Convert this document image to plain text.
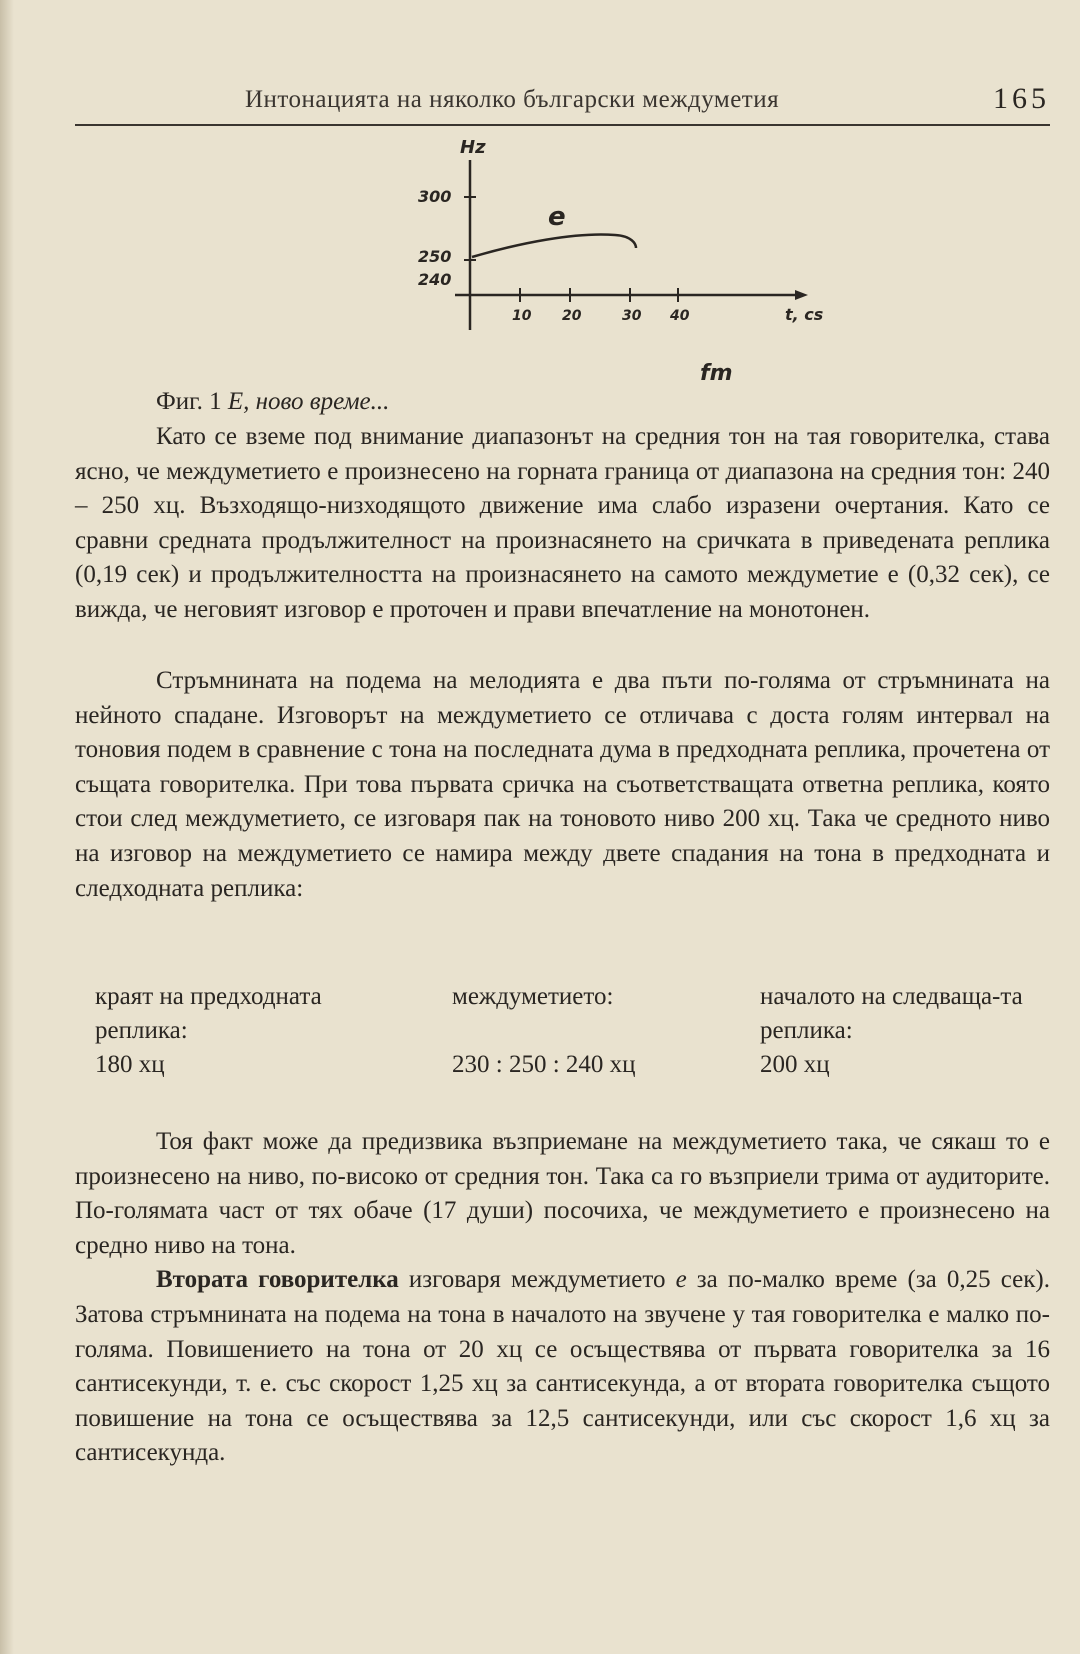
Интонацията на няколко български междуметия	165
Hz
300
250
240
е
10 20	30 40	t, cs
fm
Фиг. 1 Е, ново време...

Като се вземе под внимание диапазонът на средния тон на тая говорителка, става ясно, че междуметието е произнесено на горната граница от диапазона на средния тон: 240 – 250 хц. Възходящо-низходящото движение има слабо изразени очертания. Като се сравни средната продължителност на произнасянето на сричката в приведената реплика (0,19 сек) и продължителността на произнасянето на самото междуметие е (0,32 сек), се вижда, че неговият изговор е проточен и прави впечатление на монотонен.

Стръмнината на подема на мелодията е два пъти по-голяма от стръмнината на нейното спадане. Изговорът на междуметието се отличава с доста голям интервал на тоновия подем в сравнение с тона на последната дума в предходната реплика, прочетена от същата говорителка. При това първата сричка на съответстващата ответна реплика, която стои след междуметието, се изговаря пак на тоновото ниво 200 хц. Така че средното ниво на изговор на междуметието се намира между двете спадания на тона в предходната и следходната реплика:

краят на предходната реплика:
180 хц
междуметието:
230 : 250 : 240 хц
началото на следваща-та реплика:
200 хц

Тоя факт може да предизвика възприемане на междуметието така, че сякаш то е произнесено на ниво, по-високо от средния тон. Така са го възприели трима от аудиторите. По-голямата част от тях обаче (17 души) посочиха, че междуметието е произнесено на средно ниво на тона.

Втората говорителка изговаря междуметието е за по-малко време (за 0,25 сек). Затова стръмнината на подема на тона в началото на звучене у тая говорителка е малко по-голяма. Повишението на тона от 20 хц се осъществява от първата говорителка за 16 сантисекунди, т. е. със скорост 1,25 хц за сантисекунда, а от втората говорителка същото повишение на тона се осъществява за 12,5 сантисекунди, или със скорост 1,6 хц за сантисекунда.
